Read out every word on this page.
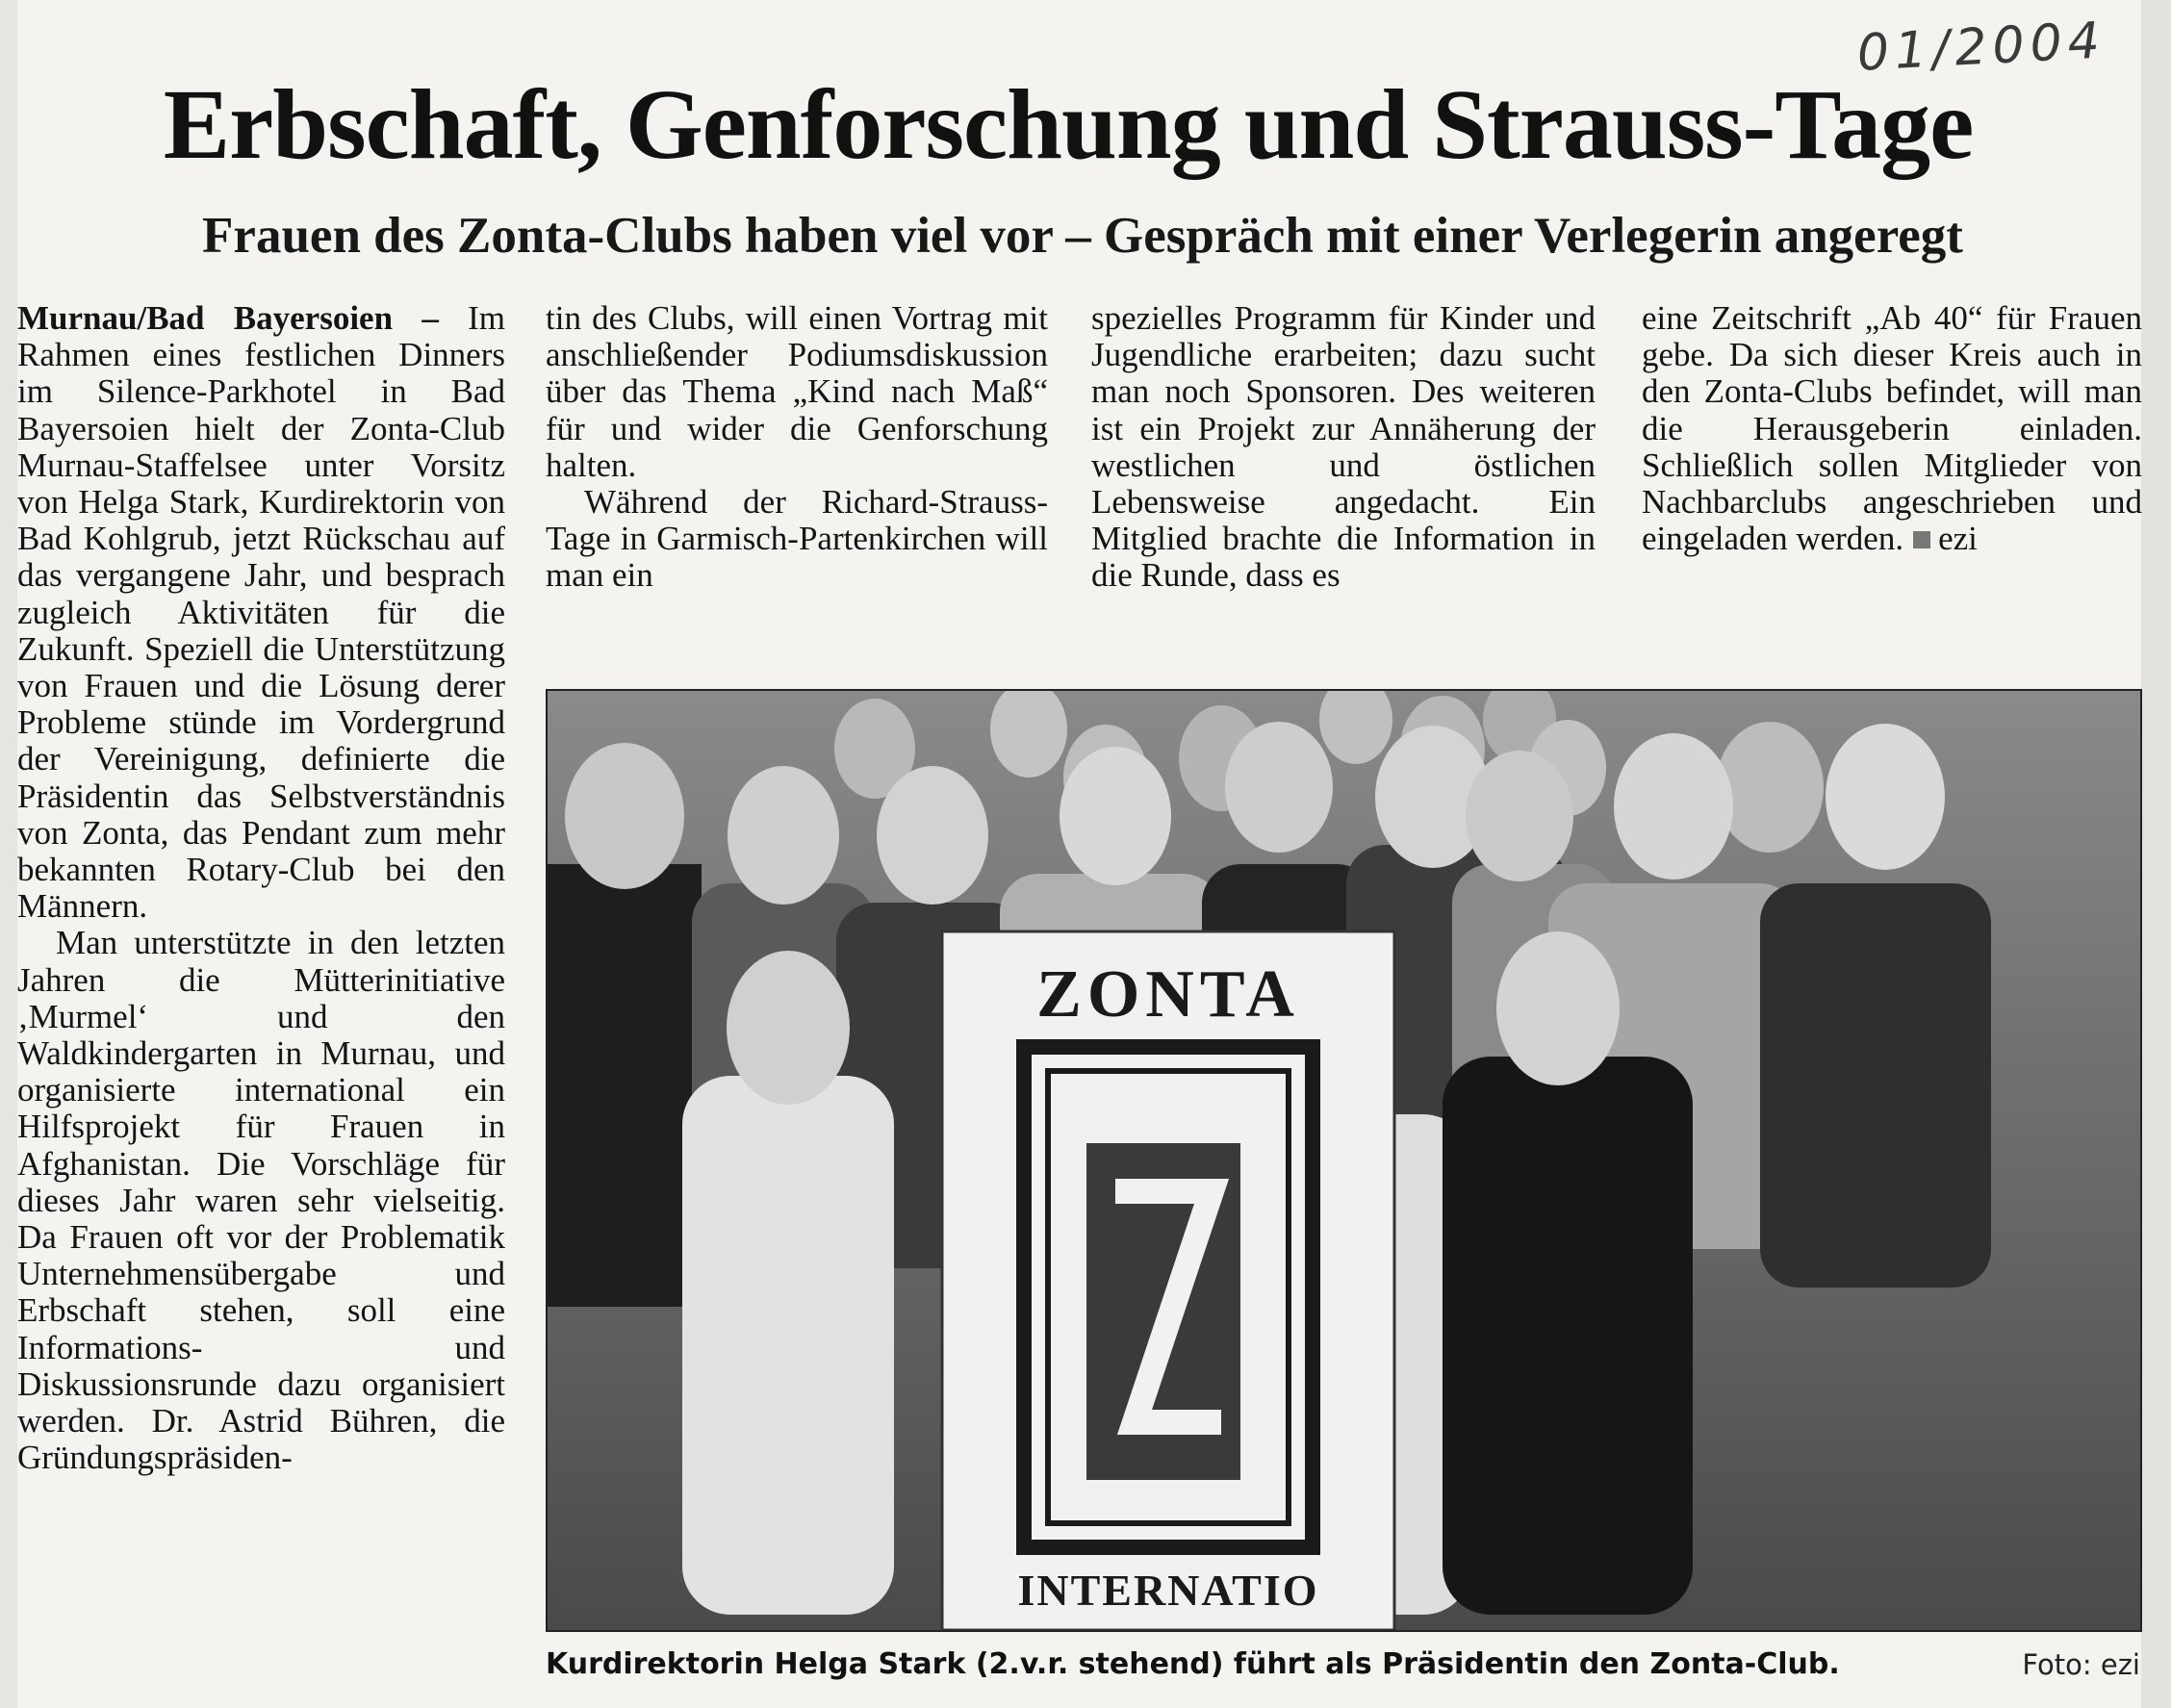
01/2004
Erbschaft, Genforschung und Strauss-Tage
Frauen des Zonta-Clubs haben viel vor – Gespräch mit einer Verlegerin angeregt

Murnau/Bad Bayersoien – Im Rahmen eines festlichen Dinners im Silence-Parkhotel in Bad Bayersoien hielt der Zonta-Club Murnau-Staffelsee unter Vorsitz von Helga Stark, Kurdirektorin von Bad Kohlgrub, jetzt Rückschau auf das vergangene Jahr, und besprach zugleich Aktivitäten für die Zukunft. Speziell die Unterstützung von Frauen und die Lösung derer Probleme stünde im Vordergrund der Vereinigung, definierte die Präsidentin das Selbstverständnis von Zonta, das Pendant zum mehr bekannten Rotary-Club bei den Männern.

Man unterstützte in den letzten Jahren die Mütterinitiative ‚Murmel‘ und den Waldkindergarten in Murnau, und organisierte international ein Hilfsprojekt für Frauen in Afghanistan. Die Vorschläge für dieses Jahr waren sehr vielseitig. Da Frauen oft vor der Problematik Unternehmensübergabe und Erbschaft stehen, soll eine Informations- und Diskussionsrunde dazu organisiert werden. Dr. Astrid Bühren, die Gründungspräsiden-

tin des Clubs, will einen Vortrag mit anschließender Podiumsdiskussion über das Thema „Kind nach Maß“ für und wider die Genforschung halten.

Während der Richard-Strauss-Tage in Garmisch-Partenkirchen will man ein

spezielles Programm für Kinder und Jugendliche erarbeiten; dazu sucht man noch Sponsoren. Des weiteren ist ein Projekt zur Annäherung der westlichen und östlichen Lebensweise angedacht. Ein Mitglied brachte die Information in die Runde, dass es

eine Zeitschrift „Ab 40“ für Frauen gebe. Da sich dieser Kreis auch in den Zonta-Clubs befindet, will man die Herausgeberin einladen. Schließlich sollen Mitglieder von Nachbarclubs angeschrieben und eingeladen werden. ezi

ZONTA
INTERNATIO

Kurdirektorin Helga Stark (2.v.r. stehend) führt als Präsidentin den Zonta-Club.	Foto: ezi
